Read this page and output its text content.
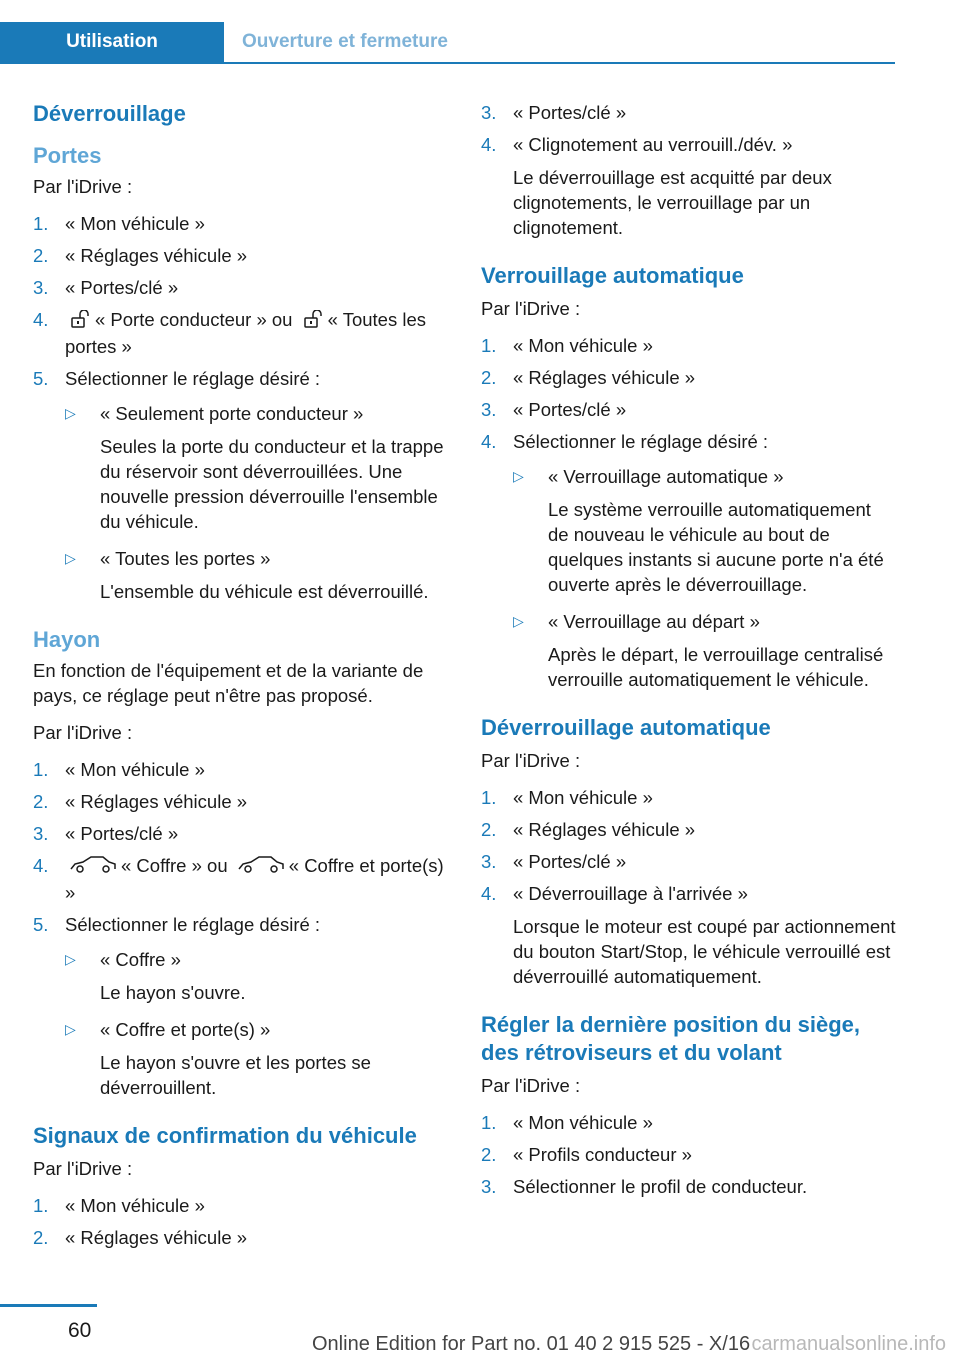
Utilisation	Ouverture et fermeture
Déverrouillage
Portes

Par l'iDrive :

1. « Mon véhicule »
2. « Réglages véhicule »
3. « Portes/clé »
4.	« Porte conducteur » ou « Toutes les portes »
5. Sélectionner le réglage désiré :
▷ « Seulement porte conducteur »
Seules la porte du conducteur et la trappe du réservoir sont déverrouillées. Une nouvelle pression déverrouille l'ensemble du véhicule.
▷ « Toutes les portes »
L'ensemble du véhicule est déverrouillé.
Hayon

En fonction de l'équipement et de la variante de pays, ce réglage peut n'être pas proposé.

Par l'iDrive :

1. « Mon véhicule »
2. « Réglages véhicule »
3. « Portes/clé »
4.	« Coffre » ou	« Coffre et porte(s) »
5. Sélectionner le réglage désiré :
▷ « Coffre »
Le hayon s'ouvre.
▷ « Coffre et porte(s) »
Le hayon s'ouvre et les portes se déverrouillent.
Signaux de confirmation du véhicule

Par l'iDrive :

1. « Mon véhicule »
2. « Réglages véhicule »
3. « Portes/clé »
4. « Clignotement au verrouill./dév. »
Le déverrouillage est acquitté par deux clignotements, le verrouillage par un clignotement.
Verrouillage automatique

Par l'iDrive :

1. « Mon véhicule »
2. « Réglages véhicule »
3. « Portes/clé »
4. Sélectionner le réglage désiré :
▷ « Verrouillage automatique »
Le système verrouille automatiquement de nouveau le véhicule au bout de quelques instants si aucune porte n'a été ouverte après le déverrouillage.
▷ « Verrouillage au départ »
Après le départ, le verrouillage centralisé verrouille automatiquement le véhicule.
Déverrouillage automatique

Par l'iDrive :

1. « Mon véhicule »
2. « Réglages véhicule »
3. « Portes/clé »
4. « Déverrouillage à l'arrivée »
Lorsque le moteur est coupé par actionnement du bouton Start/Stop, le véhicule verrouillé est déverrouillé automatiquement.
Régler la dernière position du siège, des rétroviseurs et du volant

Par l'iDrive :

1. « Mon véhicule »
2. « Profils conducteur »
3. Sélectionner le profil de conducteur.
60
Online Edition for Part no. 01 40 2 915 525 - X/16 carmanualsonline.info
